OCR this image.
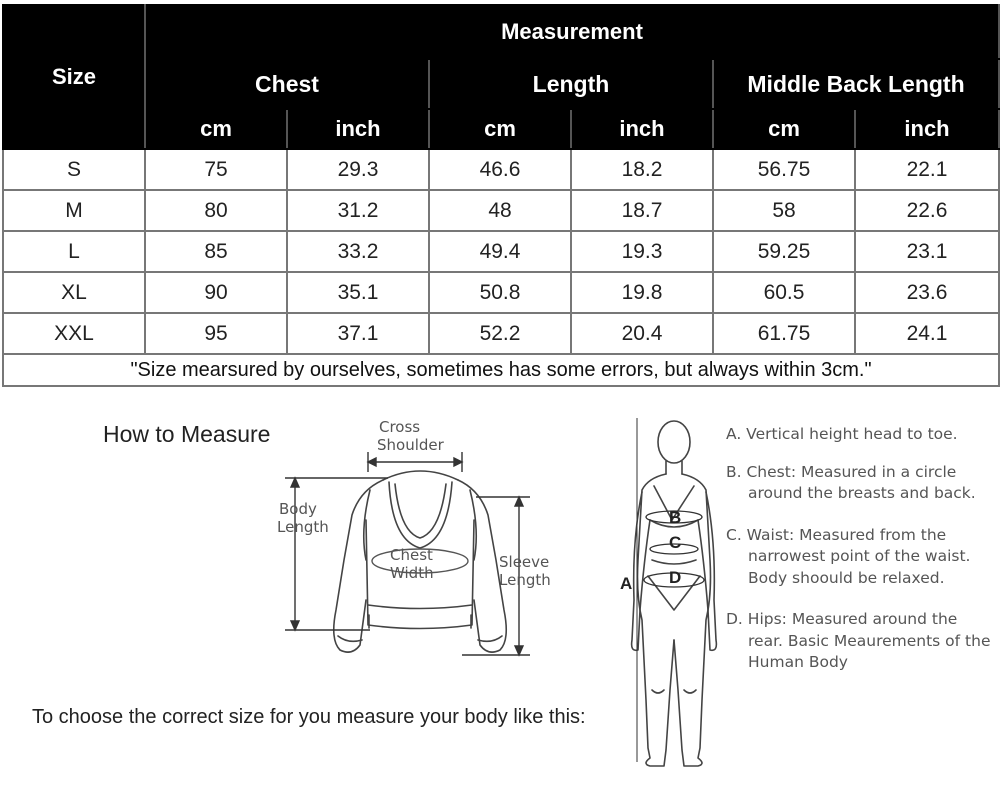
Size	Measurement					
	Chest		Length		Middle Back Length	
	cm	inch	cm	inch	cm	inch
S	75	29.3	46.6	18.2	56.75	22.1
M	80	31.2	48	18.7	58	22.6
L	85	33.2	49.4	19.3	59.25	23.1
XL	90	35.1	50.8	19.8	60.5	23.6
XXL	95	37.1	52.2	20.4	61.75	24.1
"Size mearsured by ourselves, sometimes has some errors, but always within 3cm."						
How to Measure	Cross
Shoulder
Body
Length
Chest
Width
Sleeve
Length
B
C
D
A
To choose the correct size for you measure your body like this:
A. Vertical height head to toe.
B. Chest: Measured in a circle around the breasts and back.
C. Waist: Measured from the narrowest point of the waist. Body shoould be relaxed.
D. Hips: Measured around the rear. Basic Meaurements of the Human Body
